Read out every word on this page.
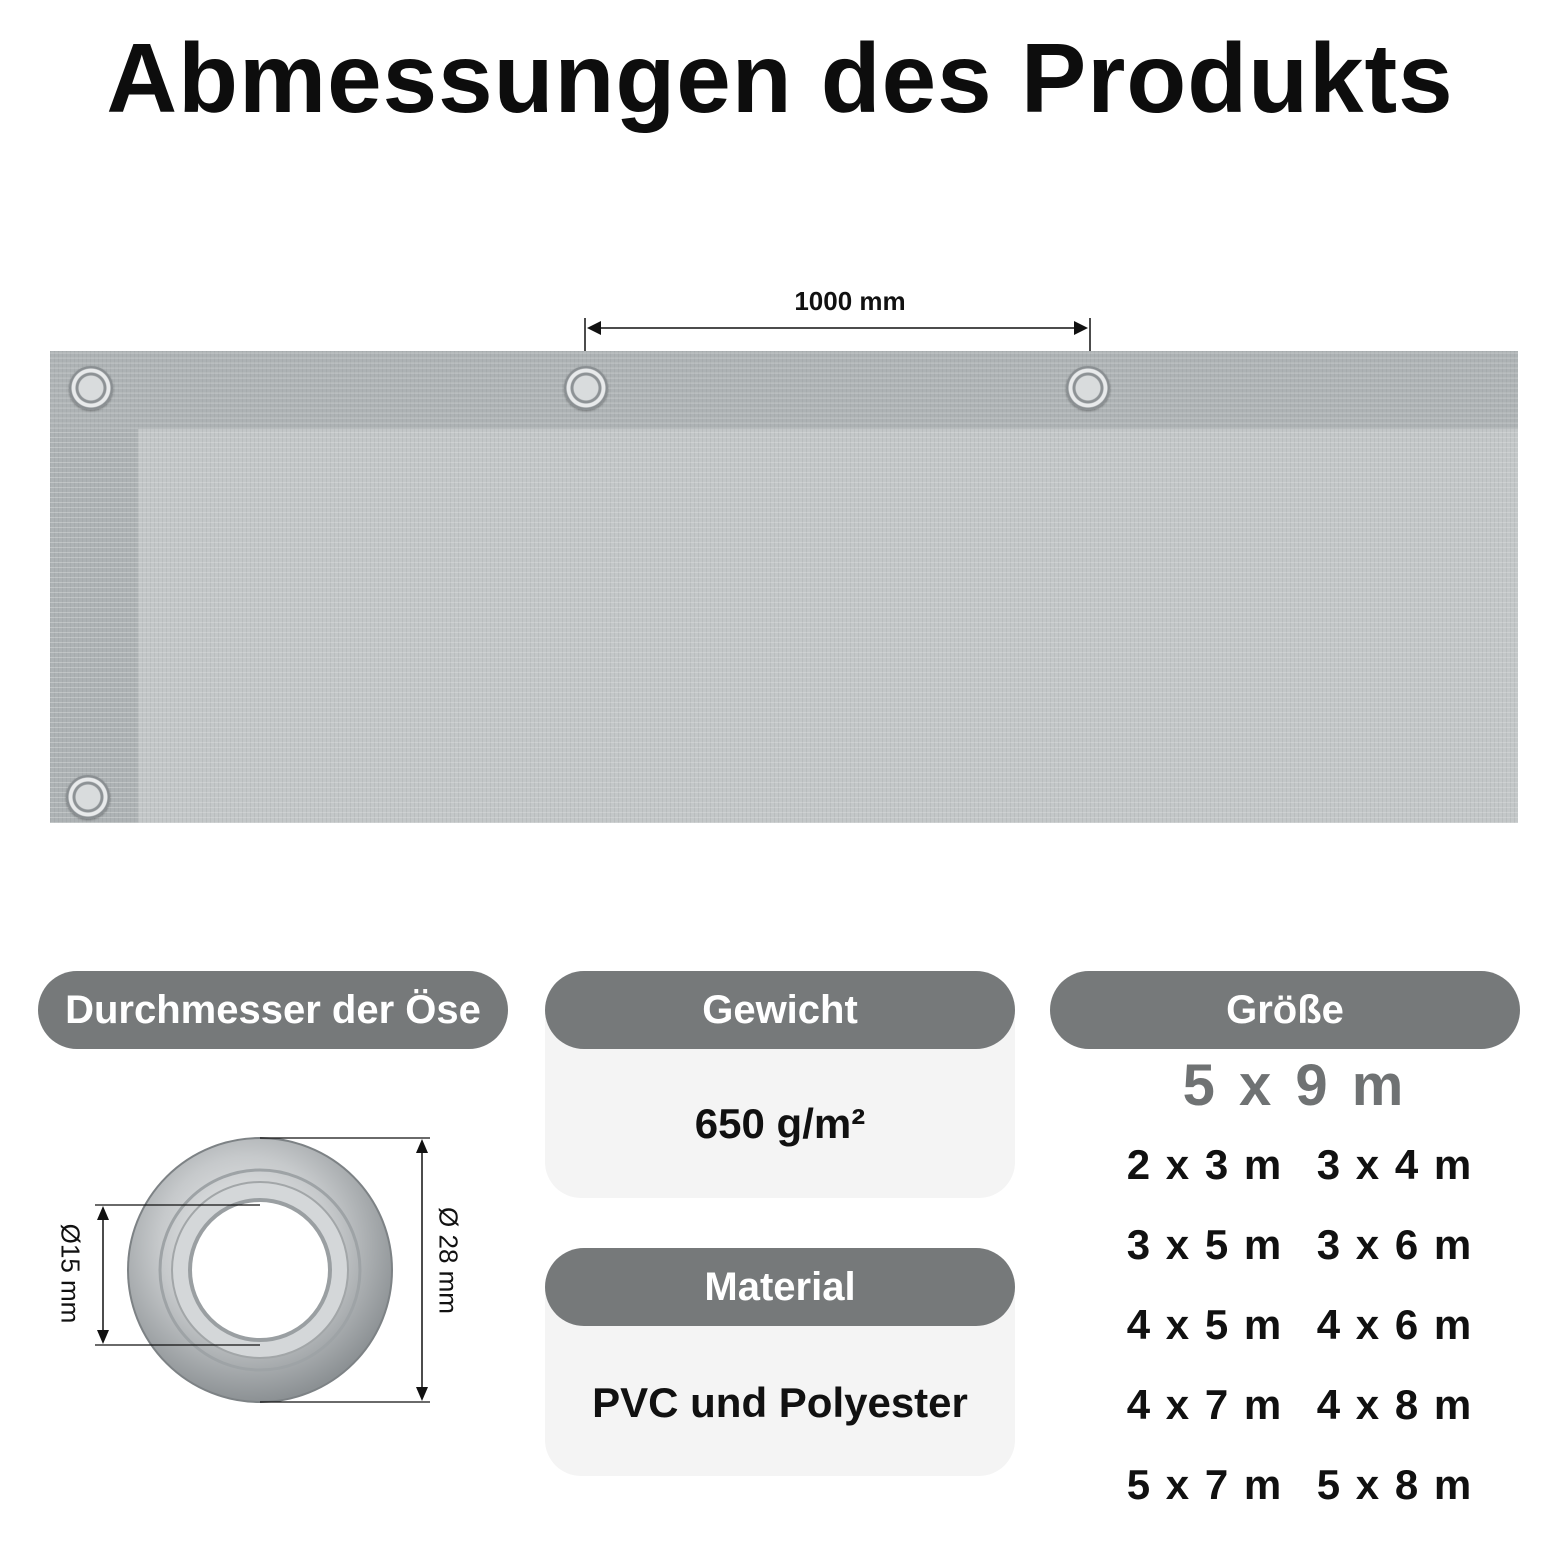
Abmessungen des Produkts
1000 mm
Durchmesser der Öse
Ø15 mm	Ø 28 mm
650 g/m²
Gewicht
PVC und Polyester
Material
Größe
5 x 9 m
2 x 3 m 3 x 4 m
3 x 5 m 3 x 6 m
4 x 5 m 4 x 6 m
4 x 7 m 4 x 8 m
5 x 7 m 5 x 8 m
